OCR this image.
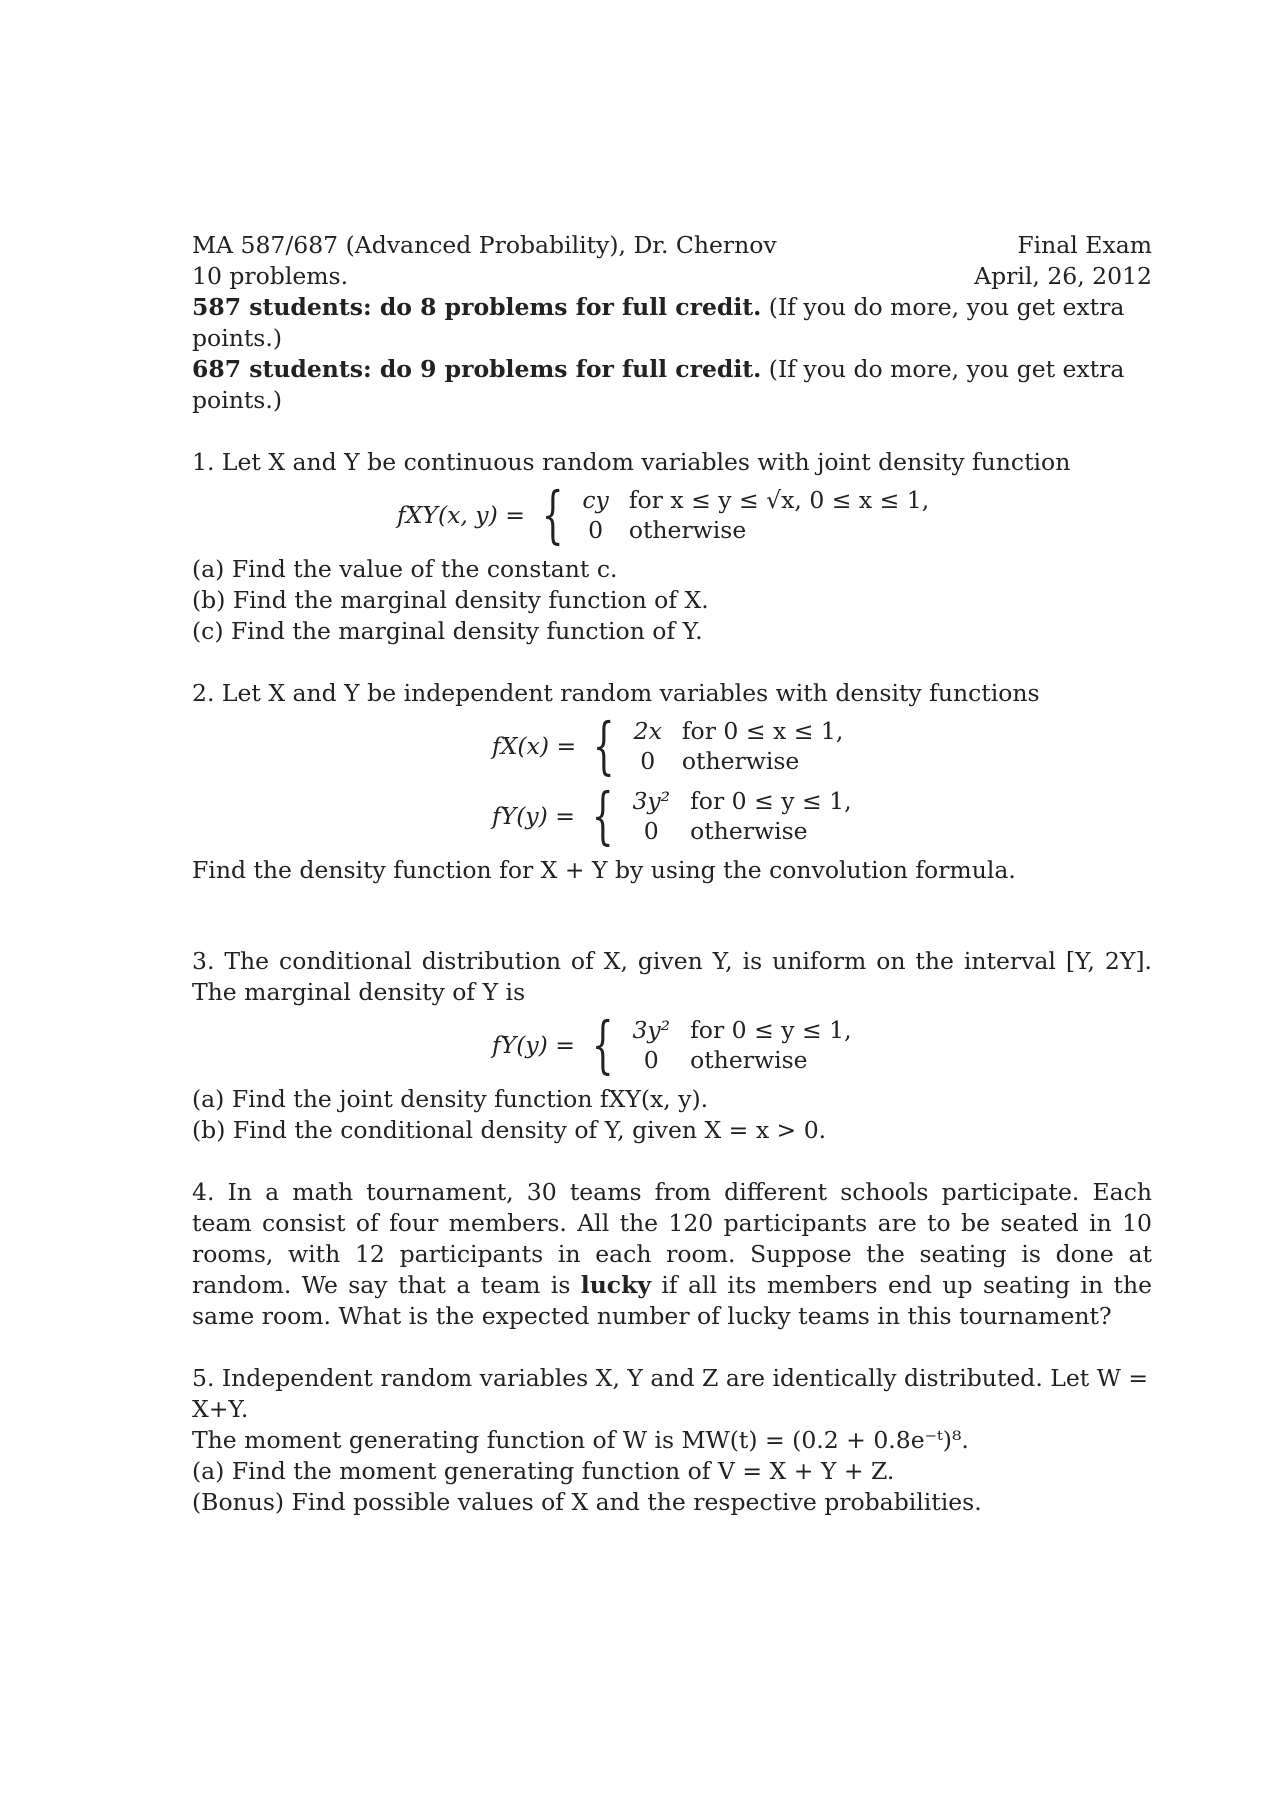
MA 587/687 (Advanced Probability), Dr. Chernov	Final Exam
10 problems.	April, 26, 2012
587 students: do 8 problems for full credit. (If you do more, you get extra points.)
687 students: do 9 problems for full credit. (If you do more, you get extra points.)
1. Let X and Y be continuous random variables with joint density function
fXY(x, y) = { cy for x ≤ y ≤ √x, 0 ≤ x ≤ 1,
0 otherwise
(a) Find the value of the constant c.
(b) Find the marginal density function of X.
(c) Find the marginal density function of Y.
2. Let X and Y be independent random variables with density functions
fX(x) = { 2x for 0 ≤ x ≤ 1,
0 otherwise
fY(y) = { 3y² for 0 ≤ y ≤ 1,
0	otherwise
Find the density function for X + Y by using the convolution formula.
3. The conditional distribution of X, given Y, is uniform on the interval [Y, 2Y]. The marginal density of Y is
fY(y) = { 3y² for 0 ≤ y ≤ 1,
0	otherwise
(a) Find the joint density function fXY(x, y).
(b) Find the conditional density of Y, given X = x > 0.
4. In a math tournament, 30 teams from different schools participate. Each team consist of four members. All the 120 participants are to be seated in 10 rooms, with 12 participants in each room. Suppose the seating is done at random. We say that a team is lucky if all its members end up seating in the same room. What is the expected number of lucky teams in this tournament?
5. Independent random variables X, Y and Z are identically distributed. Let W = X+Y.
The moment generating function of W is MW(t) = (0.2 + 0.8e⁻ᵗ)⁸.
(a) Find the moment generating function of V = X + Y + Z.
(Bonus) Find possible values of X and the respective probabilities.
